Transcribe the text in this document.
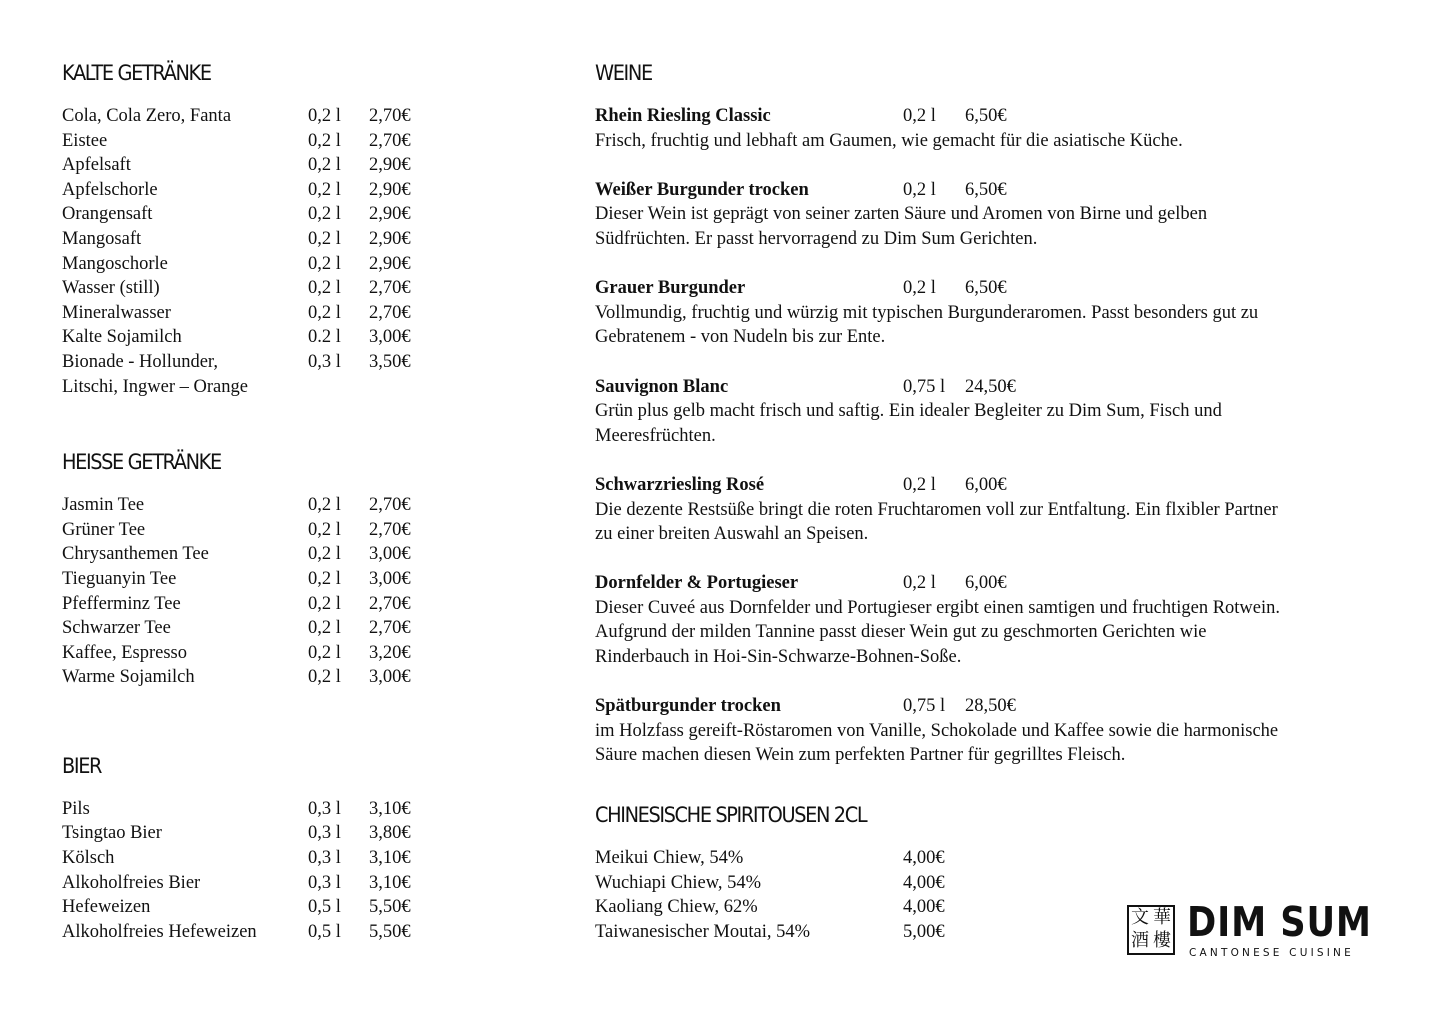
KALTE GETRÄNKE
Cola, Cola Zero, Fanta	0,2 l 2,70€
Eistee	0,2 l 2,70€
Apfelsaft	0,2 l 2,90€
Apfelschorle	0,2 l 2,90€
Orangensaft	0,2 l 2,90€
Mangosaft	0,2 l 2,90€
Mangoschorle	0,2 l 2,90€
Wasser (still)	0,2 l 2,70€
Mineralwasser	0,2 l 2,70€
Kalte Sojamilch	0.2 l 3,00€
Bionade - Hollunder,	0,3 l 3,50€
Litschi, Ingwer – Orange
HEISSE GETRÄNKE
Jasmin Tee	0,2 l 2,70€
Grüner Tee	0,2 l 2,70€
Chrysanthemen Tee	0,2 l 3,00€
Tieguanyin Tee	0,2 l 3,00€
Pfefferminz Tee	0,2 l 2,70€
Schwarzer Tee	0,2 l 2,70€
Kaffee, Espresso	0,2 l 3,20€
Warme Sojamilch	0,2 l 3,00€
BIER
Pils	0,3 l 3,10€
Tsingtao Bier	0,3 l 3,80€
Kölsch	0,3 l 3,10€
Alkoholfreies Bier	0,3 l 3,10€
Hefeweizen	0,5 l 5,50€
Alkoholfreies Hefeweizen	0,5 l 5,50€
WEINE
Rhein Riesling Classic	0,2 l 6,50€

Frisch, fruchtig und lebhaft am Gaumen, wie gemacht für die asiatische Küche.

Weißer Burgunder trocken	0,2 l 6,50€

Dieser Wein ist geprägt von seiner zarten Säure und Aromen von Birne und gelben
Südfrüchten. Er passt hervorragend zu Dim Sum Gerichten.

Grauer Burgunder	0,2 l 6,50€

Vollmundig, fruchtig und würzig mit typischen Burgunderaromen. Passt besonders gut zu
Gebratenem - von Nudeln bis zur Ente.

Sauvignon Blanc	0,75 l 24,50€

Grün plus gelb macht frisch und saftig. Ein idealer Begleiter zu Dim Sum, Fisch und
Meeresfrüchten.

Schwarzriesling Rosé	0,2 l 6,00€

Die dezente Restsüße bringt die roten Fruchtaromen voll zur Entfaltung. Ein flxibler Partner
zu einer breiten Auswahl an Speisen.

Dornfelder & Portugieser	0,2 l 6,00€

Dieser Cuveé aus Dornfelder und Portugieser ergibt einen samtigen und fruchtigen Rotwein.
Aufgrund der milden Tannine passt dieser Wein gut zu geschmorten Gerichten wie
Rinderbauch in Hoi-Sin-Schwarze-Bohnen-Soße.

Spätburgunder trocken	0,75 l 28,50€

im Holzfass gereift-Röstaromen von Vanille, Schokolade und Kaffee sowie die harmonische
Säure machen diesen Wein zum perfekten Partner für gegrilltes Fleisch.

CHINESISCHE SPIRITOUSEN 2CL
Meikui Chiew, 54%	4,00€
Wuchiapi Chiew, 54%	4,00€
Kaoliang Chiew, 62%	4,00€
Taiwanesischer Moutai, 54%	5,00€
文 華
酒 樓 DIM SUM
CANTONESE CUISINE
